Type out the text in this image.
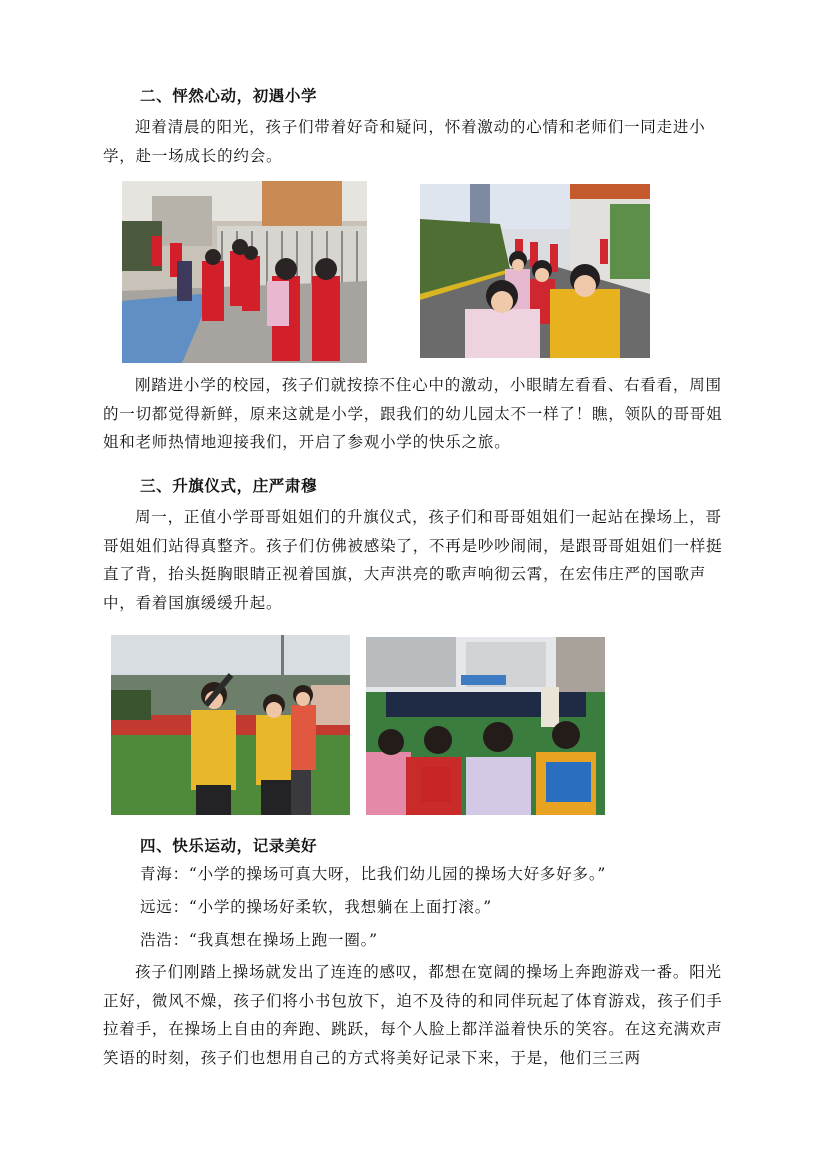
二、怦然心动，初遇小学
迎着清晨的阳光，孩子们带着好奇和疑问，怀着激动的心情和老师们一同走进小学，赴一场成长的约会。
刚踏进小学的校园，孩子们就按捺不住心中的激动，小眼睛左看看、右看看，周围的一切都觉得新鲜，原来这就是小学，跟我们的幼儿园太不一样了！瞧，领队的哥哥姐姐和老师热情地迎接我们，开启了参观小学的快乐之旅。
三、升旗仪式，庄严肃穆
周一，正值小学哥哥姐姐们的升旗仪式，孩子们和哥哥姐姐们一起站在操场上，哥哥姐姐们站得真整齐。孩子们仿佛被感染了，不再是吵吵闹闹，是跟哥哥姐姐们一样挺直了背，抬头挺胸眼睛正视着国旗，大声洪亮的歌声响彻云霄，在宏伟庄严的国歌声中，看着国旗缓缓升起。
四、快乐运动，记录美好
青海：“小学的操场可真大呀，比我们幼儿园的操场大好多好多。”
远远：“小学的操场好柔软，我想躺在上面打滚。”
浩浩：“我真想在操场上跑一圈。”
孩子们刚踏上操场就发出了连连的感叹，都想在宽阔的操场上奔跑游戏一番。阳光正好，微风不燥，孩子们将小书包放下，迫不及待的和同伴玩起了体育游戏，孩子们手拉着手，在操场上自由的奔跑、跳跃，每个人脸上都洋溢着快乐的笑容。在这充满欢声笑语的时刻，孩子们也想用自己的方式将美好记录下来，于是，他们三三两
